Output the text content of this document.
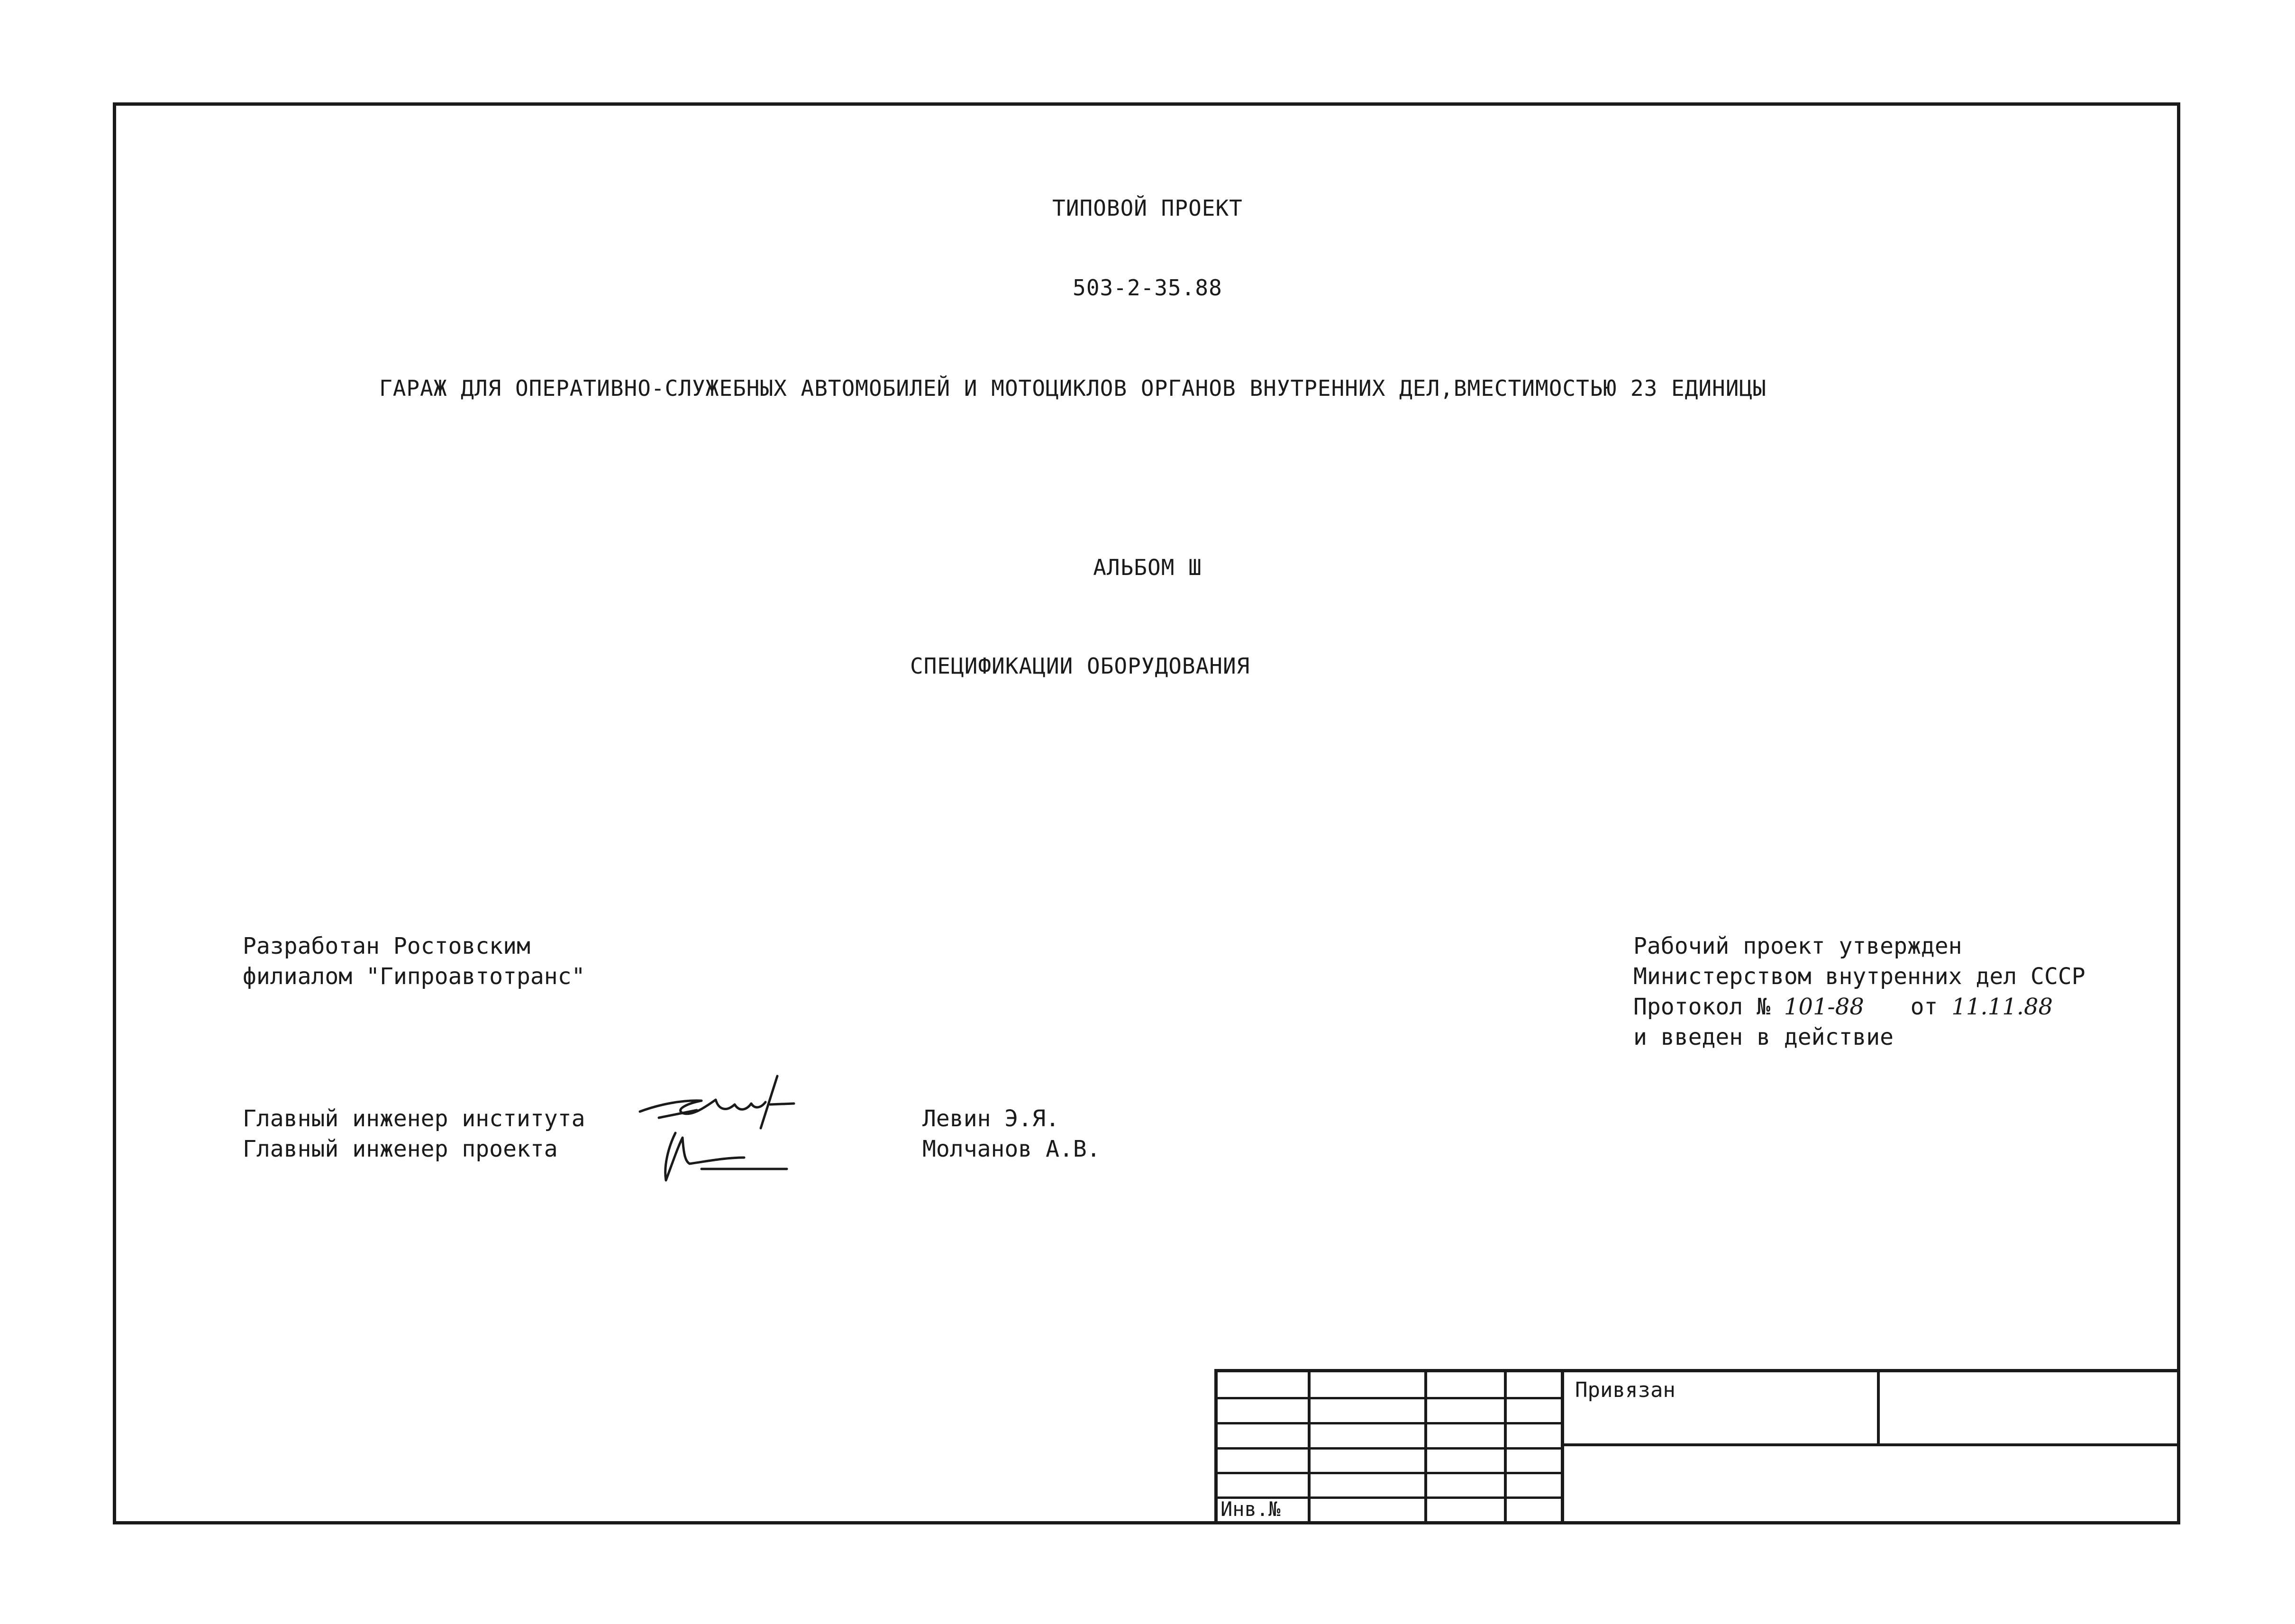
ТИПОВОЙ ПРОЕКТ
503-2-35.88
ГАРАЖ ДЛЯ ОПЕРАТИВНО-СЛУЖЕБНЫХ АВТОМОБИЛЕЙ И МОТОЦИКЛОВ ОРГАНОВ ВНУТРЕННИХ ДЕЛ,ВМЕСТИМОСТЬЮ 23 ЕДИНИЦЫ
АЛЬБОМ Ш
СПЕЦИФИКАЦИИ ОБОРУДОВАНИЯ
Разработан Ростовским
филиалом "Гипроавтотранс"
Рабочий проект утвержден
Министерством внутренних дел СССР
Протокол № 101-88 от 11.11.88
и введен в действие
Главный инженер института
Главный инженер проекта
Левин Э.Я.
Молчанов А.В.
Привязан
Инв.№
